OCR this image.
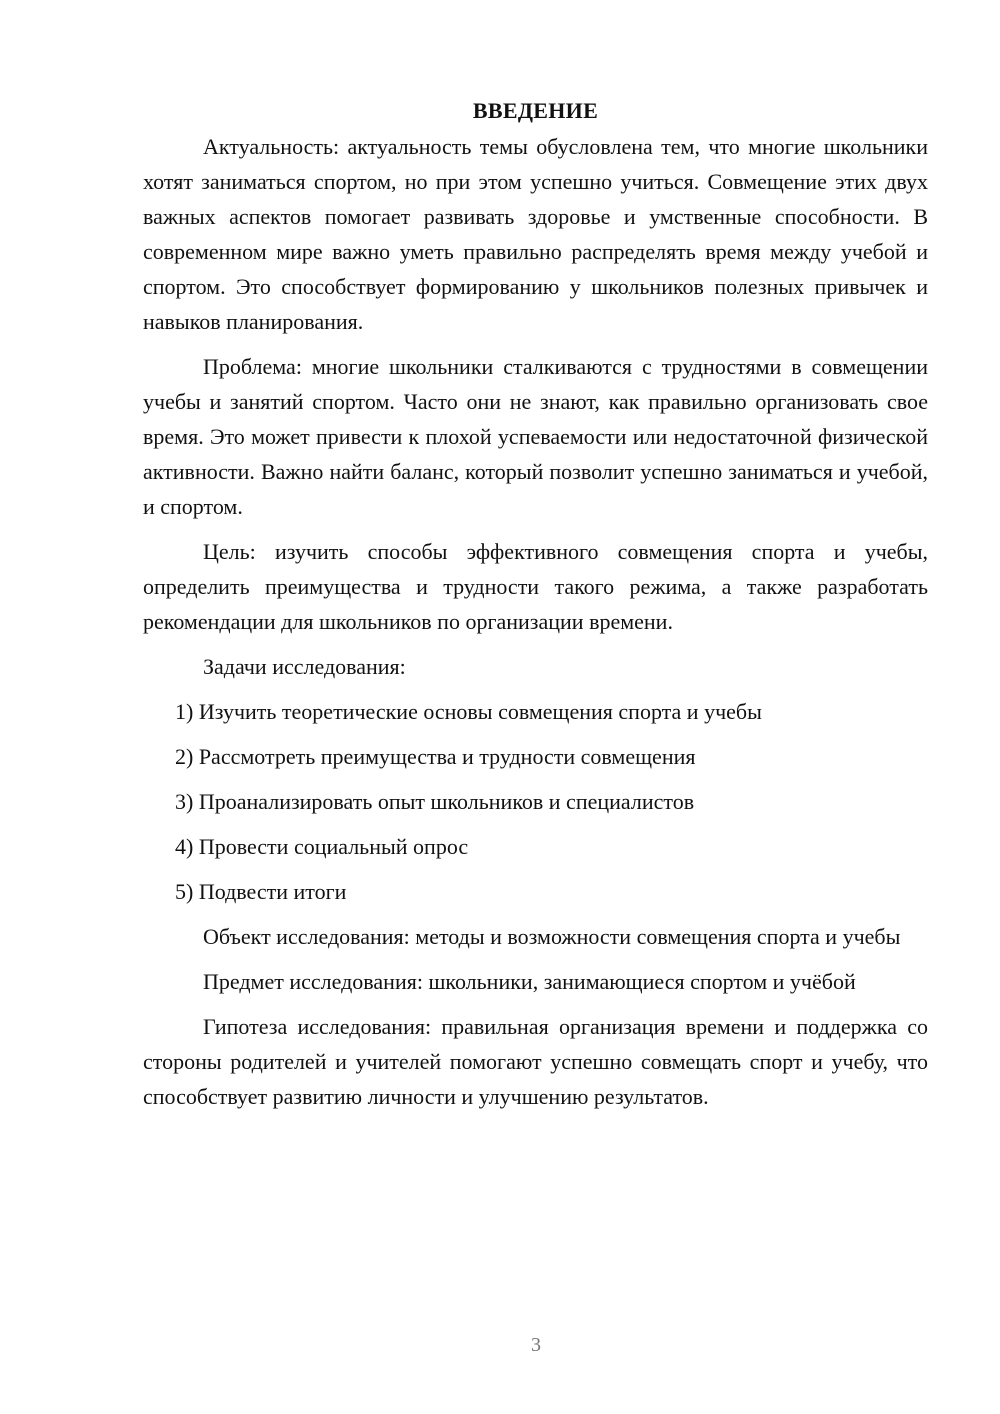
ВВЕДЕНИЕ

Актуальность: актуальность темы обусловлена тем, что многие школьники хотят заниматься спортом, но при этом успешно учиться. Совмещение этих двух важных аспектов помогает развивать здоровье и умственные способности. В современном мире важно уметь правильно распределять время между учебой и спортом. Это способствует формированию у школьников полезных привычек и навыков планирования.

Проблема: многие школьники сталкиваются с трудностями в совмещении учебы и занятий спортом. Часто они не знают, как правильно организовать свое время. Это может привести к плохой успеваемости или недостаточной физической активности. Важно найти баланс, который позволит успешно заниматься и учебой, и спортом.

Цель: изучить способы эффективного совмещения спорта и учебы, определить преимущества и трудности такого режима, а также разработать рекомендации для школьников по организации времени.

Задачи исследования:

1) Изучить теоретические основы совмещения спорта и учебы
2) Рассмотреть преимущества и трудности совмещения
3) Проанализировать опыт школьников и специалистов
4) Провести социальный опрос
5) Подвести итоги

Объект исследования: методы и возможности совмещения спорта и учебы

Предмет исследования: школьники, занимающиеся спортом и учёбой

Гипотеза исследования: правильная организация времени и поддержка со стороны родителей и учителей помогают успешно совмещать спорт и учебу, что способствует развитию личности и улучшению результатов.

3
